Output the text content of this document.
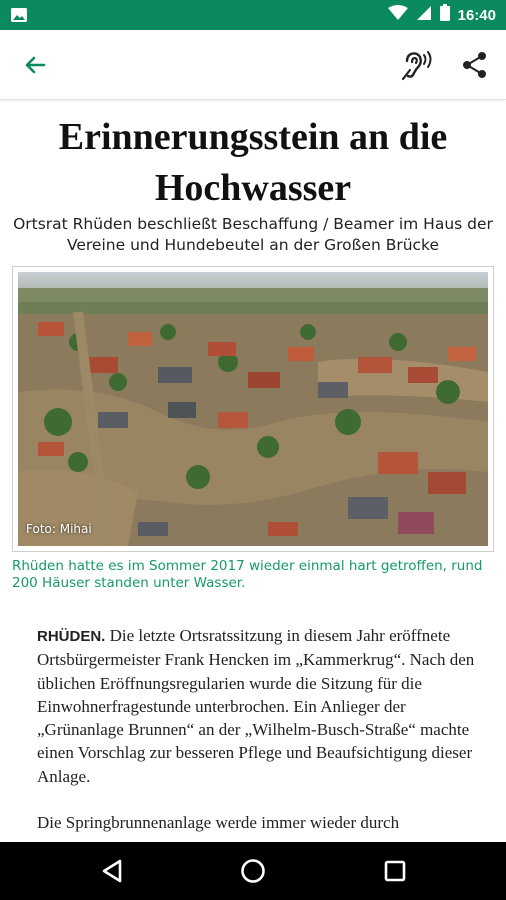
16:40
Erinnerungsstein an die Hochwasser
Ortsrat Rhüden beschließt Beschaffung / Beamer im Haus der Vereine und Hundebeutel an der Großen Brücke
Foto: Mihai
Rhüden hatte es im Sommer 2017 wieder einmal hart getroffen, rund 200 Häuser standen unter Wasser.

RHÜDEN. Die letzte Ortsratssitzung in diesem Jahr eröffnete Ortsbürgermeister Frank Hencken im „Kammerkrug“. Nach den üblichen Eröffnungsregularien wurde die Sitzung für die Einwohnerfragestunde unterbrochen. Ein Anlieger der „Grünanlage Brunnen“ an der „Wilhelm-Busch-Straße“ machte einen Vorschlag zur besseren Pflege und Beaufsichtigung dieser Anlage.

Die Springbrunnenanlage werde immer wieder durch
